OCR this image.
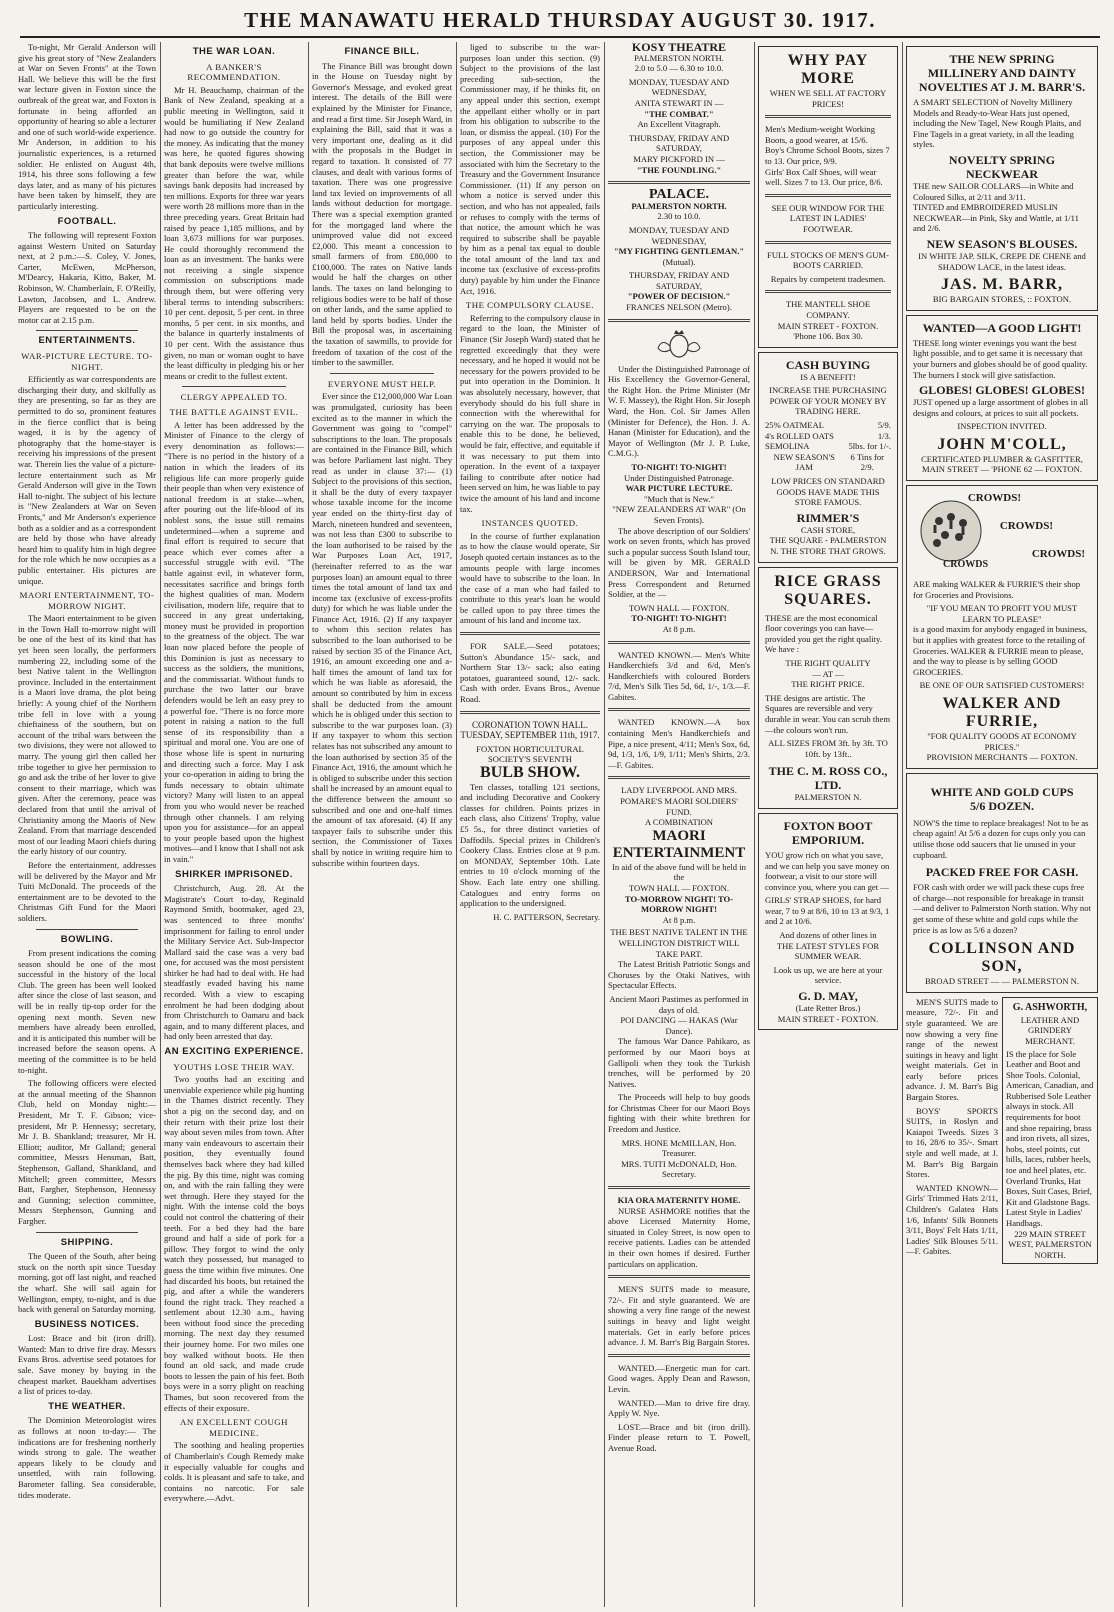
THE MANAWATU HERALD THURSDAY AUGUST 30. 1917.

To-night, Mr Gerald Anderson will give his great story of "New Zealanders at War on Seven Fronts" at the Town Hall. We believe this will be the first war lecture given in Foxton since the outbreak of the great war, and Foxton is fortunate in being afforded an opportunity of hearing so able a lecturer and one of such world-wide experience. Mr Anderson, in addition to his journalistic experiences, is a returned soldier. He enlisted on August 4th, 1914, his three sons following a few days later, and as many of his pictures have been taken by himself, they are particularly interesting.

FOOTBALL.

The following will represent Foxton against Western United on Saturday next, at 2 p.m.:—S. Coley, V. Jones, Carter, McEwen, McPherson, M'Dearcy, Hakaria, Kitto, Baker, M. Robinson, W. Chamberlain, F. O'Reilly, Lawton, Jacobsen, and L. Andrew. Players are requested to be on the motor car at 2.15 p.m.

ENTERTAINMENTS.
WAR-PICTURE LECTURE. TO-NIGHT.

Efficiently as war correspondents are discharging their duty, and skilfully as they are presenting, so far as they are permitted to do so, prominent features in the fierce conflict that is being waged, it is by the agency of photography that the home-stayer is receiving his impressions of the present war. Therein lies the value of a picture-lecture entertainment such as Mr Gerald Anderson will give in the Town Hall to-night. The subject of his lecture is "New Zealanders at War on Seven Fronts," and Mr Anderson's experience both as a soldier and as a correspondent are held by those who have already heard him to qualify him in high degree for the role which he now occupies as a public entertainer. His pictures are unique.

MAORI ENTERTAINMENT, TO-MORROW NIGHT.

The Maori entertainment to be given in the Town Hall to-morrow night will be one of the best of its kind that has yet been seen locally, the performers numbering 22, including some of the best Native talent in the Wellington province. Included in the entertainment is a Maori love drama, the plot being briefly: A young chief of the Northern tribe fell in love with a young chieftainess of the southern, but on account of the tribal wars between the two divisions, they were not allowed to marry. The young girl then called her tribe together to give her permission to go and ask the tribe of her lover to give consent to their marriage, which was given. After the ceremony, peace was declared from that until the arrival of Christianity among the Maoris of New Zealand. From that marriage descended most of our leading Maori chiefs during the early history of our country.

Before the entertainment, addresses will be delivered by the Mayor and Mr Tuiti McDonald. The proceeds of the entertainment are to be devoted to the Christmas Gift Fund for the Maori soldiers.

BOWLING.

From present indications the coming season should be one of the most successful in the history of the local Club. The green has been well looked after since the close of last season, and will be in really tip-top order for the opening next month. Seven new members have already been enrolled, and it is anticipated this number will be increased before the season opens. A meeting of the committee is to be held to-night.

The following officers were elected at the annual meeting of the Shannon Club, held on Monday night:—President, Mr T. F. Gibson; vice-president, Mr P. Hennessy; secretary, Mr J. B. Shankland; treasurer, Mr H. Elliott; auditor, Mr Galland; general committee, Messrs Hensman, Batt, Stephenson, Galland, Shankland, and Mitchell; green committee, Messrs Batt, Fargher, Stephenson, Hennessy and Gunning; selection committee, Messrs Stephenson, Gunning and Fargher.

SHIPPING.

The Queen of the South, after being stuck on the north spit since Tuesday morning, got off last night, and reached the wharf. She will sail again for Wellington, empty, to-night, and is due back with general on Saturday morning.

BUSINESS NOTICES.

Lost: Brace and bit (iron drill). Wanted: Man to drive fire dray. Messrs Evans Bros. advertise seed potatoes for sale. Save money by buying in the cheapest market. Bauekham advertises a list of prices to-day.

THE WEATHER.

The Dominion Meteorologist wires as follows at noon to-day:— The indications are for freshening northerly winds strong to gale. The weather appears likely to be cloudy and unsettled, with rain following. Barometer falling. Sea considerable, tides moderate.

THE WAR LOAN.
A BANKER'S RECOMMENDATION.

Mr H. Beauchamp, chairman of the Bank of New Zealand, speaking at a public meeting in Wellington, said it would be humiliating if New Zealand had now to go outside the country for the money. As indicating that the money was here, he quoted figures showing that bank deposits were twelve millions greater than before the war, while savings bank deposits had increased by ten millions. Exports for three war years were worth 28 millions more than in the three preceding years. Great Britain had raised by peace 1,185 millions, and by loan 3,673 millions for war purposes. He could thoroughly recommend the loan as an investment. The banks were not receiving a single sixpence commission on subscriptions made through them, but were offering very liberal terms to intending subscribers: 10 per cent. deposit, 5 per cent. in three months, 5 per cent. in six months, and the balance in quarterly instalments of 10 per cent. With the assistance thus given, no man or woman ought to have the least difficulty in pledging his or her means or credit to the fullest extent.

CLERGY APPEALED TO.
THE BATTLE AGAINST EVIL.

A letter has been addressed by the Minister of Finance to the clergy of every denomination as follows:— "There is no period in the history of a nation in which the leaders of its religious life can more properly guide their people than when very existence of national freedom is at stake—when, after pouring out the life-blood of its noblest sons, the issue still remains undetermined—when a supreme and final effort is required to secure that peace which ever comes after a successful struggle with evil. "The battle against evil, in whatever form, necessitates sacrifice and brings forth the highest qualities of man. Modern civilisation, modern life, require that to succeed in any great undertaking, money must be provided in proportion to the greatness of the object. The war loan now placed before the people of this Dominion is just as necessary to success as the soldiers, the munitions, and the commissariat. Without funds to purchase the two latter our brave defenders would be left an easy prey to a powerful foe. "There is no force more potent in raising a nation to the full sense of its responsibility than a spiritual and moral one. You are one of those whose life is spent in nurturing and directing such a force. May I ask your co-operation in aiding to bring the funds necessary to obtain ultimate victory? Many will listen to an appeal from you who would never be reached through other channels. I am relying upon you for assistance—for an appeal to your people based upon the highest motives—and I know that I shall not ask in vain."

SHIRKER IMPRISONED.

Christchurch, Aug. 28. At the Magistrate's Court to-day, Reginald Raymond Smith, bootmaker, aged 23, was sentenced to three months' imprisonment for failing to enrol under the Military Service Act. Sub-Inspector Mallard said the case was a very bad one, for accused was the most persistent shirker he had had to deal with. He had steadfastly evaded having his name recorded. With a view to escaping enrolment he had been dodging about from Christchurch to Oamaru and back again, and to many different places, and had only been arrested that day.

AN EXCITING EXPERIENCE.
YOUTHS LOSE THEIR WAY.

Two youths had an exciting and unenviable experience while pig hunting in the Thames district recently. They shot a pig on the second day, and on their return with their prize lost their way about seven miles from town. After many vain endeavours to ascertain their position, they eventually found themselves back where they had killed the pig. By this time, night was coming on, and with the rain falling they were wet through. Here they stayed for the night. With the intense cold the boys could not control the chattering of their teeth. For a bed they had the bare ground and half a side of pork for a pillow. They forgot to wind the only watch they possessed, but managed to guess the time within five minutes. One had discarded his boots, but retained the pig, and after a while the wanderers found the right track. They reached a settlement about 12.30 a.m., having been without food since the preceding morning. The next day they resumed their journey home. For two miles one boy walked without boots. He then found an old sack, and made crude boots to lessen the pain of his feet. Both boys were in a sorry plight on reaching Thames, but soon recovered from the effects of their exposure.

AN EXCELLENT COUGH MEDICINE.

The soothing and healing properties of Chamberlain's Cough Remedy make it especially valuable for coughs and colds. It is pleasant and safe to take, and contains no narcotic. For sale everywhere.—Advt.

FINANCE BILL.

The Finance Bill was brought down in the House on Tuesday night by Governor's Message, and evoked great interest. The details of the Bill were explained by the Minister for Finance, and read a first time. Sir Joseph Ward, in explaining the Bill, said that it was a very important one, dealing as it did with the proposals in the Budget in regard to taxation. It consisted of 77 clauses, and dealt with various forms of taxation. There was one progressive land tax levied on improvements of all lands without deduction for mortgage. There was a special exemption granted for the mortgaged land where the unimproved value did not exceed £2,000. This meant a concession to small farmers of from £80,000 to £100,000. The rates on Native lands would be half the charges on other lands. The taxes on land belonging to religious bodies were to be half of those on other lands, and the same applied to land held by sports bodies. Under the Bill the proposal was, in ascertaining the taxation of sawmills, to provide for freedom of taxation of the cost of the timber to the sawmiller.

EVERYONE MUST HELP.

Ever since the £12,000,000 War Loan was promulgated, curiosity has been excited as to the manner in which the Government was going to "compel" subscriptions to the loan. The proposals are contained in the Finance Bill, which was before Parliament last night. They read as under in clause 37:— (1) Subject to the provisions of this section, it shall be the duty of every taxpayer whose taxable income for the income year ended on the thirty-first day of March, nineteen hundred and seventeen, was not less than £300 to subscribe to the loan authorised to be raised by the War Purposes Loan Act, 1917, (hereinafter referred to as the war purposes loan) an amount equal to three times the total amount of land tax and income tax (exclusive of excess-profits duty) for which he was liable under the Finance Act, 1916. (2) If any taxpayer to whom this section relates has subscribed to the loan authorised to be raised by section 35 of the Finance Act, 1916, an amount exceeding one and a-half times the amount of land tax for which he was liable as aforesaid, the amount so contributed by him in excess shall be deducted from the amount which he is obliged under this section to subscribe to the war purposes loan. (3) If any taxpayer to whom this section relates has not subscribed any amount to the loan authorised by section 35 of the Finance Act, 1916, the amount which he is obliged to subscribe under this section shall be increased by an amount equal to the difference between the amount so subscribed and one and one-half times the amount of tax aforesaid. (4) If any taxpayer fails to subscribe under this section, the Commissioner of Taxes shall by notice in writing require him to subscribe within fourteen days.

liged to subscribe to the war-purposes loan under this section. (9) Subject to the provisions of the last preceding sub-section, the Commissioner may, if he thinks fit, on any appeal under this section, exempt the appellant either wholly or in part from his obligation to subscribe to the loan, or dismiss the appeal. (10) For the purposes of any appeal under this section, the Commissioner may be associated with him the Secretary to the Treasury and the Government Insurance Commissioner. (11) If any person on whom a notice is served under this section, and who has not appealed, fails or refuses to comply with the terms of that notice, the amount which he was required to subscribe shall be payable by him as a penal tax equal to double the total amount of the land tax and income tax (exclusive of excess-profits duty) payable by him under the Finance Act, 1916.

THE COMPULSORY CLAUSE.

Referring to the compulsory clause in regard to the loan, the Minister of Finance (Sir Joseph Ward) stated that he regretted exceedingly that they were necessary, and he hoped it would not be necessary for the powers provided to be put into operation in the Dominion. It was absolutely necessary, however, that everybody should do his full share in connection with the wherewithal for carrying on the war. The proposals to enable this to be done, he believed, would be fair, effective, and equitable if it was necessary to put them into operation. In the event of a taxpayer failing to contribute after notice had been served on him, he was liable to pay twice the amount of his land and income tax.

INSTANCES QUOTED.

In the course of further explanation as to how the clause would operate, Sir Joseph quoted certain instances as to the amounts people with large incomes would have to subscribe to the loan. In the case of a man who had failed to contribute to this year's loan he would be called upon to pay three times the amount of his land and income tax.

FOR SALE.—Seed potatoes; Sutton's Abundance 15/- sack, and Northern Star 13/- sack; also eating potatoes, guaranteed sound, 12/- sack. Cash with order. Evans Bros., Avenue Road.

CORONATION TOWN HALL.
TUESDAY, SEPTEMBER 11th, 1917.
FOXTON HORTICULTURAL SOCIETY'S SEVENTH
BULB SHOW.

Ten classes, totalling 121 sections, and including Decorative and Cookery classes for children. Points prizes in each class, also Citizens' Trophy, value £5 5s., for three distinct varieties of Daffodils. Special prizes in Children's Cookery Class. Entries close at 9 p.m. on MONDAY, September 10th. Late entries to 10 o'clock morning of the Show. Each late entry one shilling. Catalogues and entry forms on application to the undersigned.

H. C. PATTERSON, Secretary.
KOSY THEATRE
PALMERSTON NORTH.
2.0 to 5.0 — 6.30 to 10.0.
MONDAY, TUESDAY AND WEDNESDAY,
ANITA STEWART IN —
"THE COMBAT."
An Excellent Vitagraph.
THURSDAY, FRIDAY AND SATURDAY,
MARY PICKFORD IN —
"THE FOUNDLING."
PALACE.
PALMERSTON NORTH.
2.30 to 10.0.
MONDAY, TUESDAY AND WEDNESDAY,
"MY FIGHTING GENTLEMAN."
(Mutual).
THURSDAY, FRIDAY AND SATURDAY,
"POWER OF DECISION."
FRANCES NELSON (Metro).

Under the Distinguished Patronage of His Excellency the Governor-General, the Right Hon. the Prime Minister (Mr W. F. Massey), the Right Hon. Sir Joseph Ward, the Hon. Col. Sir James Allen (Minister for Defence), the Hon. J. A. Hanan (Minister for Education), and the Mayor of Wellington (Mr J. P. Luke, C.M.G.).

TO-NIGHT! TO-NIGHT!
Under Distinguished Patronage.
WAR PICTURE LECTURE.
"Much that is New."
"NEW ZEALANDERS AT WAR" (On Seven Fronts).

The above description of our Soldiers' work on seven fronts, which has proved such a popular success South Island tour, will be given by MR. GERALD ANDERSON, War and International Press Correspondent and Returned Soldier, at the —

TOWN HALL — FOXTON.
TO-NIGHT! TO-NIGHT!
At 8 p.m.

WANTED KNOWN.— Men's White Handkerchiefs 3/d and 6/d, Men's Handkerchiefs with coloured Borders 7/d, Men's Silk Ties 5d, 6d, 1/-, 1/3.—F. Gabites.

WANTED KNOWN.—A box containing Men's Handkerchiefs and Pipe, a nice present, 4/11; Men's Sox, 6d, 9d, 1/3, 1/6, 1/9, 1/11; Men's Shirts, 2/3.—F. Gabites.

LADY LIVERPOOL AND MRS. POMARE'S MAORI SOLDIERS' FUND.
A COMBINATION
MAORI ENTERTAINMENT
In aid of the above fund will be held in the
TOWN HALL — FOXTON.
TO-MORROW NIGHT! TO-MORROW NIGHT!
At 8 p.m.
THE BEST NATIVE TALENT IN THE WELLINGTON DISTRICT WILL TAKE PART.

The Latest British Patriotic Songs and Choruses by the Otaki Natives, with Spectacular Effects.

Ancient Maori Pastimes as performed in days of old.
POI DANCING — HAKAS (War Dance).

The famous War Dance Pahikaro, as performed by our Maori boys at Gallipoli when they took the Turkish trenches, will be performed by 20 Natives.

The Proceeds will help to buy goods for Christmas Cheer for our Maori Boys fighting with their white brethren for Freedom and Justice.

MRS. HONE McMILLAN, Hon. Treasurer.
MRS. TUITI McDONALD, Hon. Secretary.
KIA ORA MATERNITY HOME.

NURSE ASHMORE notifies that the above Licensed Maternity Home, situated in Coley Street, is now open to receive patients. Ladies can be attended in their own homes if desired. Further particulars on application.

MEN'S SUITS made to measure, 72/-. Fit and style guaranteed. We are showing a very fine range of the newest suitings in heavy and light weight materials. Get in early before prices advance. J. M. Barr's Big Bargain Stores.

WANTED.—Energetic man for cart. Good wages. Apply Dean and Rawson, Levin.

WANTED.—Man to drive fire dray. Apply W. Nye.

LOST.—Brace and bit (iron drill). Finder please return to T. Powell, Avenue Road.

WHY PAY MORE
WHEN WE SELL AT FACTORY PRICES!
Men's Medium-weight Working Boots, a good wearer, at 15/6.
Boy's Chrome School Boots, sizes 7 to 13. Our price, 9/9.
Girls' Box Calf Shoes, will wear well. Sizes 7 to 13. Our price, 8/6.
SEE OUR WINDOW FOR THE LATEST IN LADIES' FOOTWEAR.
FULL STOCKS OF MEN'S GUM-BOOTS CARRIED.
Repairs by competent tradesmen.
THE MANTELL SHOE COMPANY.
MAIN STREET - FOXTON.
'Phone 106. Box 30.
CASH BUYING
IS A BENEFIT!
INCREASE THE PURCHASING POWER OF YOUR MONEY BY TRADING HERE.
25% OATMEAL	5/9.
4's ROLLED OATS	1/3.
SEMOLINA	5lbs. for 1/-.
NEW SEASON'S JAM
6 Tins for 2/9.
LOW PRICES ON STANDARD GOODS HAVE MADE THIS STORE FAMOUS.
RIMMER'S
CASH STORE,
THE SQUARE - PALMERSTON N. THE STORE THAT GROWS.
RICE GRASS SQUARES.
THESE are the most economical floor coverings you can have—provided you get the right quality. We have :
THE RIGHT QUALITY
— AT —
THE RIGHT PRICE.
THE designs are artistic. The Squares are reversible and very durable in wear. You can scrub them—the colours won't run.
ALL SIZES FROM 3ft. by 3ft. TO 10ft. by 13ft..
THE C. M. ROSS CO., LTD.
PALMERSTON N.
FOXTON BOOT EMPORIUM.
YOU grow rich on what you save, and we can help you save money on footwear, a visit to our store will convince you, where you can get —
GIRLS' STRAP SHOES, for hard wear, 7 to 9 at 8/6, 10 to 13 at 9/3, 1 and 2 at 10/6.
And dozens of other lines in
THE LATEST STYLES FOR SUMMER WEAR.
Look us up, we are here at your service.
G. D. MAY,
(Late Retter Bros.)
MAIN STREET - FOXTON.
THE NEW SPRING MILLINERY AND DAINTY NOVELTIES AT J. M. BARR'S.
A SMART SELECTION of Novelty Millinery Models and Ready-to-Wear Hats just opened, including the New Tagel, New Rough Plaits, and Fine Tagels in a great variety, in all the leading styles.
NOVELTY SPRING NECKWEAR
THE new SAILOR COLLARS—in White and Coloured Silks, at 2/11 and 3/11.
TINTED and EMBROIDERED MUSLIN NECKWEAR—in Pink, Sky and Wattle, at 1/11 and 2/6.
NEW SEASON'S BLOUSES.
IN WHITE JAP. SILK, CREPE DE CHENE and SHADOW LACE, in the latest ideas.
JAS. M. BARR,
BIG BARGAIN STORES, :: FOXTON.
WANTED—A GOOD LIGHT!
THESE long winter evenings you want the best light possible, and to get same it is necessary that your burners and globes should be of good quality. The burners I stock will give satisfaction.
GLOBES! GLOBES! GLOBES!
JUST opened up a large assortment of globes in all designs and colours, at prices to suit all pockets.
INSPECTION INVITED.
JOHN M'COLL,
CERTIFICATED PLUMBER & GASFITTER,
MAIN STREET — 'PHONE 62 — FOXTON.
CROWDS
CROWDS!
CROWDS!
CROWDS!
ARE making WALKER & FURRIE'S their shop for Groceries and Provisions.
"IF YOU MEAN TO PROFIT YOU MUST LEARN TO PLEASE"
is a good maxim for anybody engaged in business, but it applies with greatest force to the retailing of Groceries. WALKER & FURRIE mean to please, and the way to please is by selling GOOD GROCERIES.
BE ONE OF OUR SATISFIED CUSTOMERS!
WALKER AND FURRIE,
"FOR QUALITY GOODS AT ECONOMY PRICES."
PROVISION MERCHANTS — FOXTON.
WHITE AND GOLD CUPS
5/6 DOZEN.
NOW'S the time to replace breakages! Not to be as cheap again! At 5/6 a dozen for cups only you can utilise those odd saucers that lie unused in your cupboard.
PACKED FREE FOR CASH.
FOR cash with order we will pack these cups free of charge—not responsible for breakage in transit—and deliver to Palmerston North station. Why not get some of these white and gold cups while the price is as low as 5/6 a dozen?
COLLINSON AND SON,
BROAD STREET — — PALMERSTON N.

MEN'S SUITS made to measure, 72/-. Fit and style guaranteed. We are now showing a very fine range of the newest suitings in heavy and light weight materials. Get in early before prices advance. J. M. Barr's Big Bargain Stores.

BOYS' SPORTS SUITS, in Roslyn and Kaiapoi Tweeds. Sizes 3 to 16, 28/6 to 35/-. Smart style and well made, at J. M. Barr's Big Bargain Stores.

WANTED KNOWN—Girls' Trimmed Hats 2/11, Children's Galatea Hats 1/6, Infants' Silk Bonnets 3/11, Boys' Felt Hats 1/11, Ladies' Silk Blouses 5/11.—F. Gabites.

G. ASHWORTH,
LEATHER AND GRINDERY MERCHANT.
IS the place for Sole Leather and Boot and Shoe Tools. Colonial, American, Canadian, and Rubberised Sole Leather always in stock. All requirements for boot and shoe repairing, brass and iron rivets, all sizes, hobs, steel points, cut bills, laces, rubber heels, toe and heel plates, etc. Overland Trunks, Hat Boxes, Suit Cases, Brief, Kit and Gladstone Bags. Latest Style in Ladies' Handbags.
229 MAIN STREET WEST, PALMERSTON NORTH.
